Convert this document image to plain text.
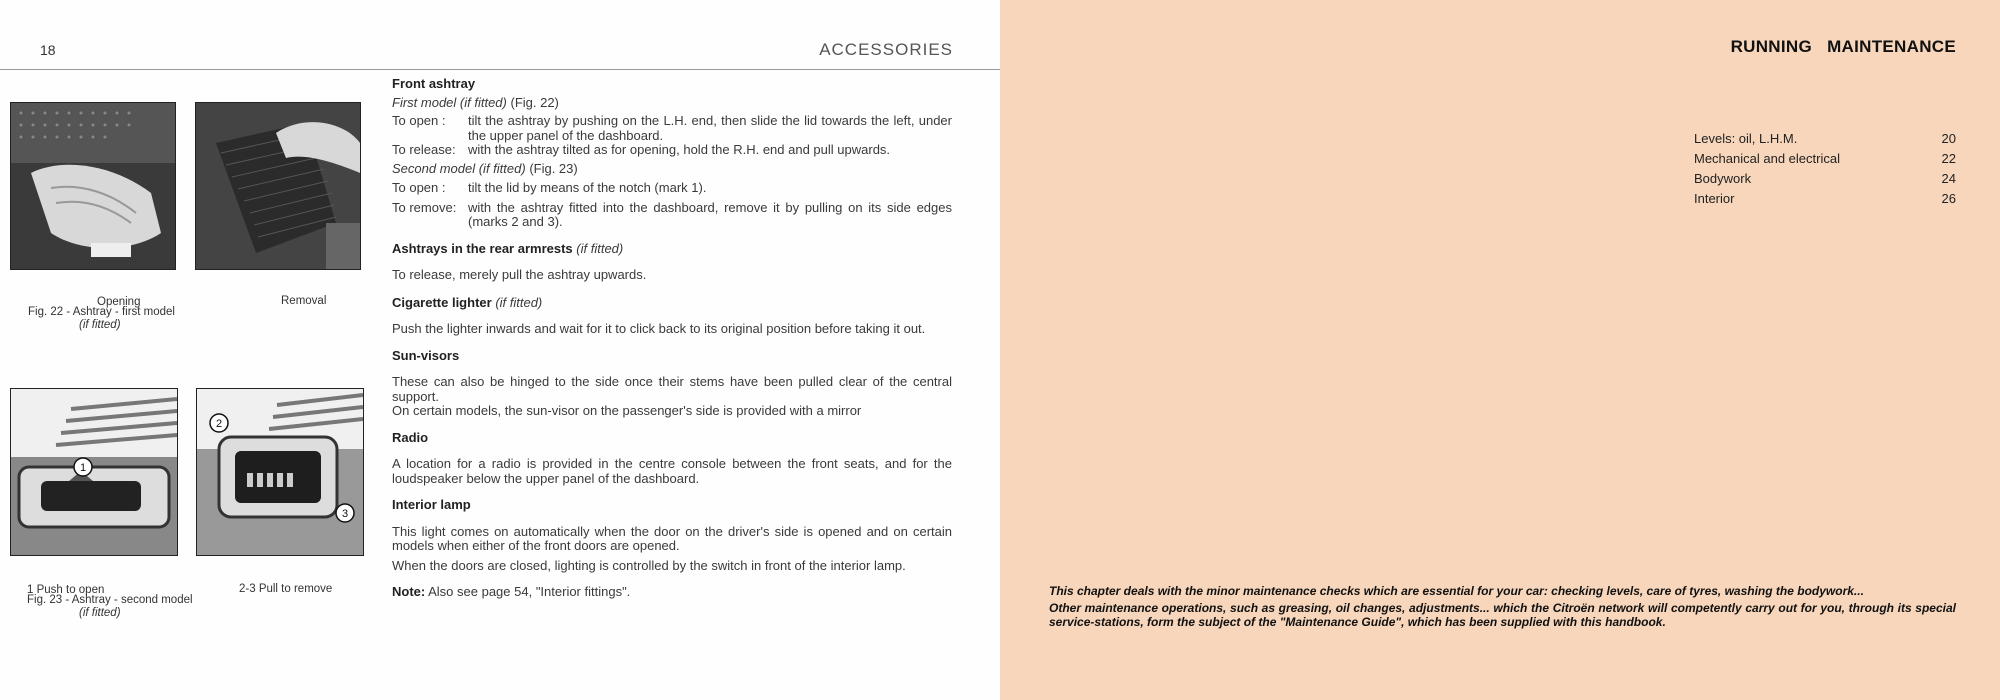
18	ACCESSORIES
Opening	Removal
Fig. 22 - Ashtray - first model
(if fitted)
1
2
3
1 Push to open	2-3 Pull to remove
Fig. 23 - Ashtray - second model
(if fitted)

Front ashtray

First model (if fitted) (Fig. 22)

To open :	tilt the ashtray by pushing on the L.H. end, then slide the lid towards the left, under the upper panel of the dashboard.
To release: with the ashtray tilted as for opening, hold the R.H. end and pull upwards.

Second model (if fitted) (Fig. 23)

To open :	tilt the lid by means of the notch (mark 1).
To remove: with the ashtray fitted into the dashboard, remove it by pulling on its side edges (marks 2 and 3).

Ashtrays in the rear armrests (if fitted)

To release, merely pull the ashtray upwards.

Cigarette lighter (if fitted)

Push the lighter inwards and wait for it to click back to its original position before taking it out.

Sun-visors

These can also be hinged to the side once their stems have been pulled clear of the central support.

On certain models, the sun-visor on the passenger's side is provided with a mirror

Radio

A location for a radio is provided in the centre console between the front seats, and for the loudspeaker below the upper panel of the dashboard.

Interior lamp

This light comes on automatically when the door on the driver's side is opened and on certain models when either of the front doors are opened.

When the doors are closed, lighting is controlled by the switch in front of the interior lamp.

Note: Also see page 54, "Interior fittings".

RUNNING   MAINTENANCE
Levels: oil, L.H.M.	20
Mechanical and electrical	22
Bodywork	24
Interior	26

This chapter deals with the minor maintenance checks which are essential for your car: checking levels, care of tyres, washing the bodywork...

Other maintenance operations, such as greasing, oil changes, adjustments... which the Citroën network will competently carry out for you, through its special service-stations, form the subject of the "Maintenance Guide", which has been supplied with this handbook.
